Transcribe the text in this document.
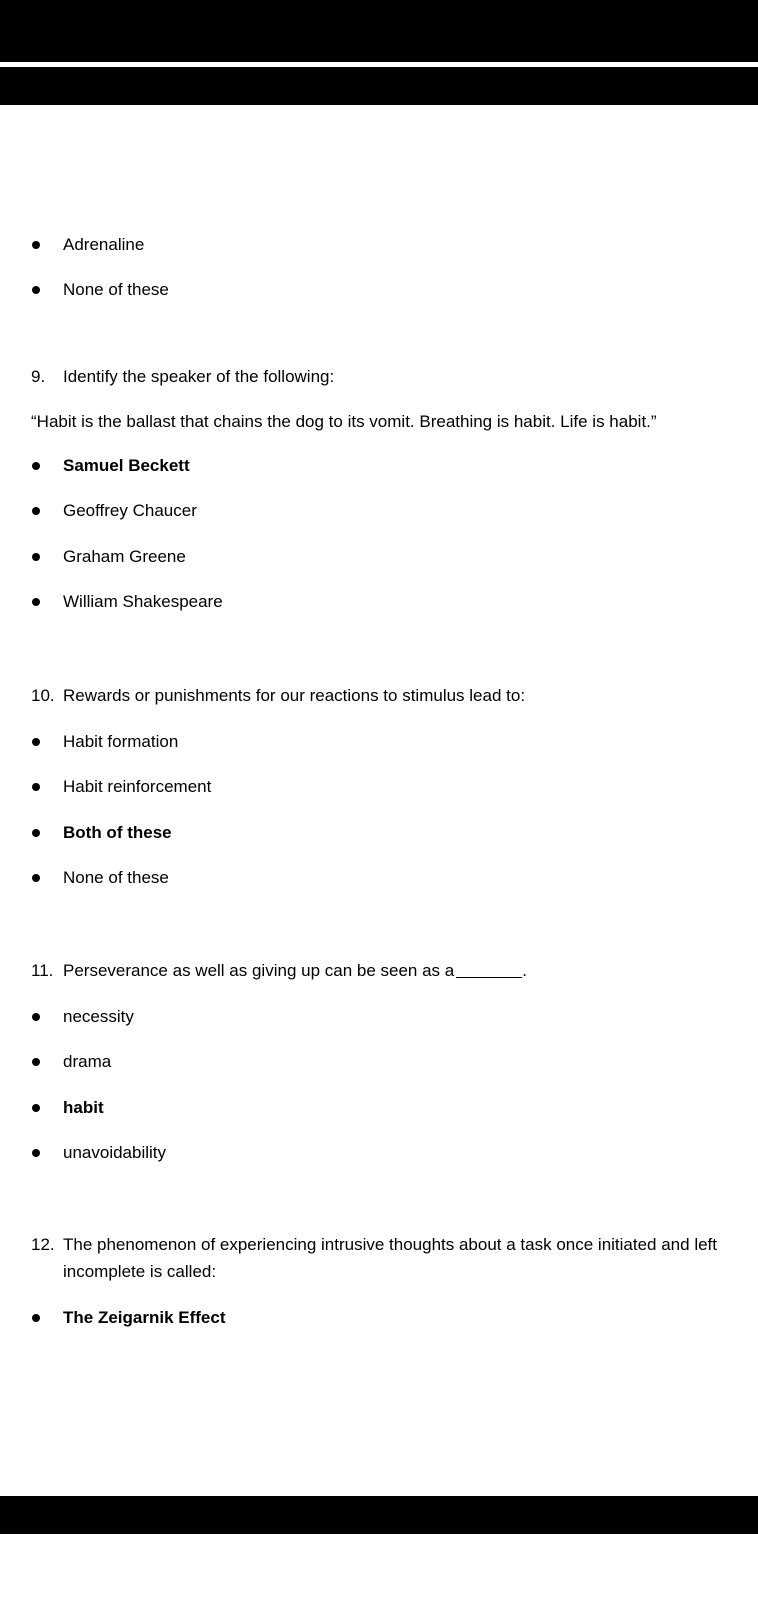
Adrenaline
None of these
9. Identify the speaker of the following:
“Habit is the ballast that chains the dog to its vomit. Breathing is habit. Life is habit.”
Samuel Beckett
Geoffrey Chaucer
Graham Greene
William Shakespeare
10. Rewards or punishments for our reactions to stimulus lead to:
Habit formation
Habit reinforcement
Both of these
None of these
11. Perseverance as well as giving up can be seen as a	.
necessity
drama
habit
unavoidability
12. The phenomenon of experiencing intrusive thoughts about a task once initiated and left
incomplete is called:
The Zeigarnik Effect
